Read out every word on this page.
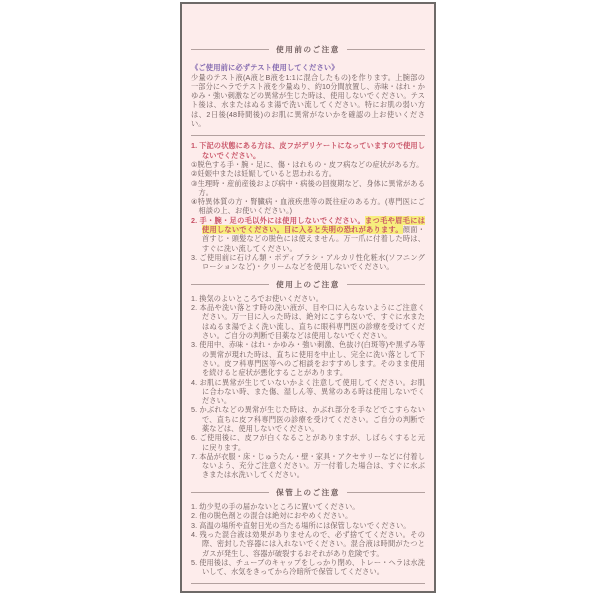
使用前のご注意
《ご使用前に必ずテスト使用してください》
少量のテスト液(A液とB液を1:1に混合したもの)を作ります。上腕部の一部分にヘラでテスト液を少量ぬり、約10分間放置し、赤味・はれ・かゆみ・強い刺激などの異常が生じた時は、使用しないでください。テスト後は、水またはぬるま湯で洗い流してください。特にお肌の弱い方は、2日後(48時間後)のお肌に異常がないかを確認の上お使いください。
1. 下記の状態にある方は、皮フがデリケートになっていますので使用しないでください。
①脱色する手・腕・足に、傷・はれもの・皮フ病などの症状がある方。
②妊娠中または妊娠していると思われる方。
③生理時・産前産後および病中・病後の回復期など、身体に異常がある方。
④特異体質の方・腎臓病・血液疾患等の既往症のある方。(専門医にご相談の上、お使いください。)
2. 手・腕・足の毛以外には使用しないでください。まつ毛や眉毛には使用しないでください。目に入ると失明の恐れがあります。顔面・首すじ・頭髪などの脱色には使えません。万一爪に付着した時は、すぐに洗い流してください。
3. ご使用前に石けん類・ボディブラシ・アルカリ性化粧水(ソフニングローションなど)・クリームなどを使用しないでください。
使用上のご注意
1. 換気のよいところでお使いください。
2. 本品や洗い落とす時の洗い液が、目や口に入らないようにご注意ください。万一目に入った時は、絶対にこすらないで、すぐに水またはぬるま湯でよく洗い流し、直ちに眼科専門医の診療を受けてください。ご自分の判断で目薬などは使用しないでください。
3. 使用中、赤味・はれ・かゆみ・強い刺激、色抜け(白斑等)や黒ずみ等の異常が現れた時は、直ちに使用を中止し、完全に洗い落として下さい。皮フ科専門医等へのご相談をおすすめします。そのまま使用を続けると症状が悪化することがあります。
4. お肌に異常が生じていないかよく注意して使用してください。お肌に合わない時、また傷、湿しん等、異常のある時は使用しないでください。
5. かぶれなどの異常が生じた時は、かぶれ部分を手などでこすらないで、直ちに皮フ科専門医の診療を受けてください。ご自分の判断で薬などは、使用しないでください。
6. ご使用後に、皮フが白くなることがありますが、しばらくすると元に戻ります。
7. 本品が衣服・床・じゅうたん・壁・家具・アクセサリーなどに付着しないよう、充分ご注意ください。万一付着した場合は、すぐに水ぶきまたは水洗いしてください。
保管上のご注意
1. 幼少児の手の届かないところに置いてください。
2. 他の脱色剤との混合は絶対におやめください。
3. 高温の場所や直射日光の当たる場所には保管しないでください。
4. 残った混合液は効果がありませんので、必ず捨ててください。その際、密封した容器には入れないでください。混合液は時間がたつとガスが発生し、容器が破裂するおそれがあり危険です。
5. 使用後は、チューブのキャップをしっかり閉め、トレー・ヘラは水洗いして、水気をきってから冷暗所で保管してください。
